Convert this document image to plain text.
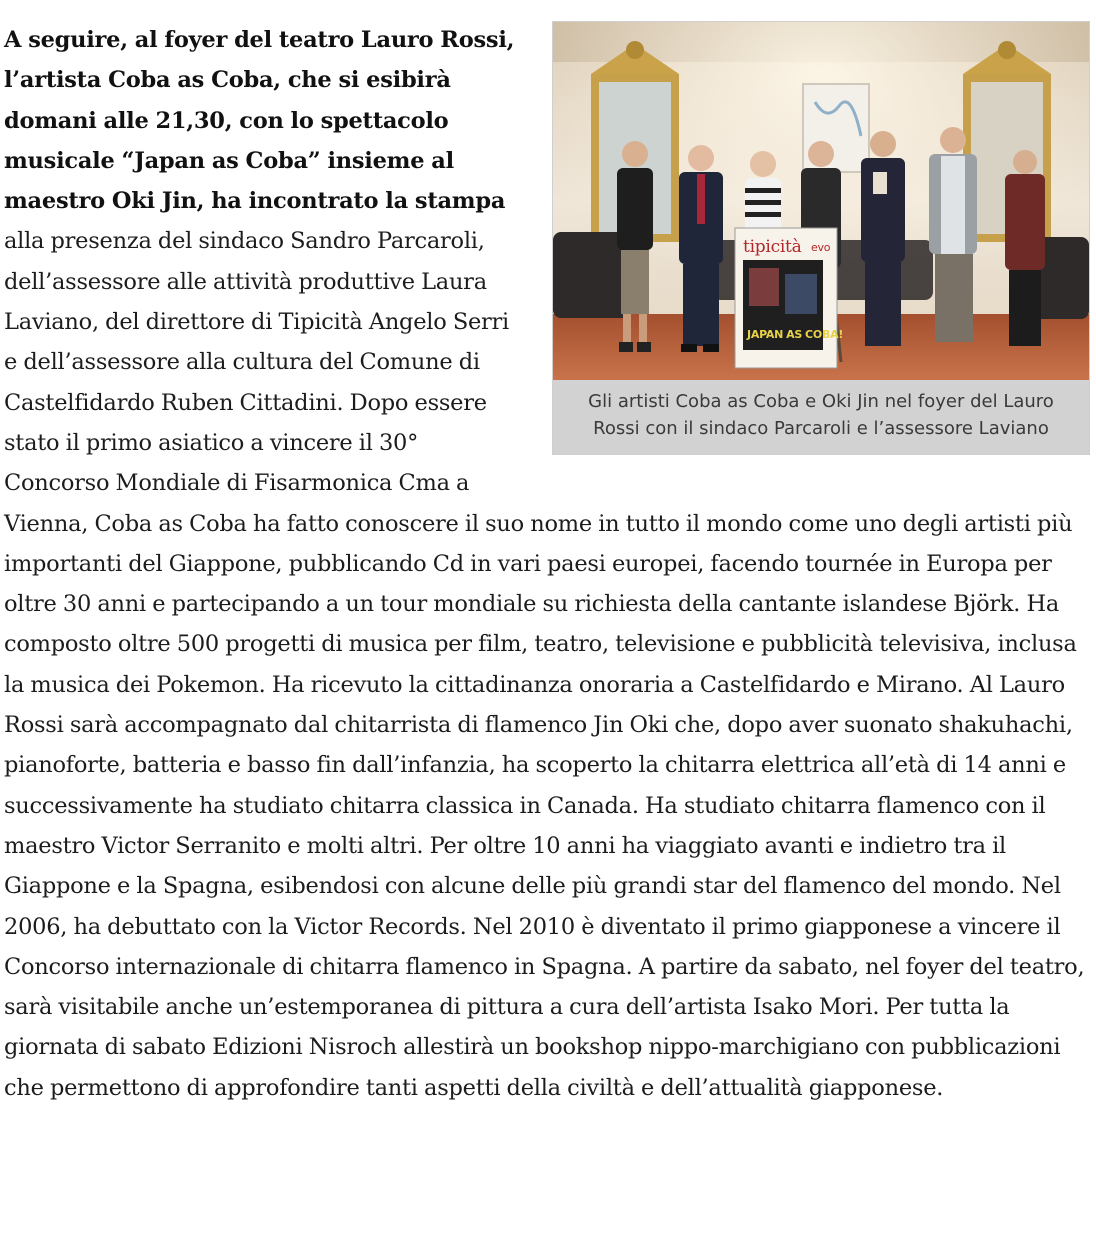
tipicità evo
JAPAN AS COBA!
Gli artisti Coba as Coba e Oki Jin nel foyer del Lauro Rossi con il sindaco Parcaroli e l’assessore Laviano

A seguire, al foyer del teatro Lauro Rossi, l’artista Coba as Coba, che si esibirà domani alle 21,30, con lo spettacolo musicale “Japan as Coba” insieme al maestro Oki Jin, ha incontrato la stampa alla presenza del sindaco Sandro Parcaroli, dell’assessore alle attività produttive Laura Laviano, del direttore di Tipicità Angelo Serri e dell’assessore alla cultura del Comune di Castelfidardo Ruben Cittadini. Dopo essere stato il primo asiatico a vincere il 30° Concorso Mondiale di Fisarmonica Cma a Vienna, Coba as Coba ha fatto conoscere il suo nome in tutto il mondo come uno degli artisti più importanti del Giappone, pubblicando Cd in vari paesi europei, facendo tournée in Europa per oltre 30 anni e partecipando a un tour mondiale su richiesta della cantante islandese Björk. Ha composto oltre 500 progetti di musica per film, teatro, televisione e pubblicità televisiva, inclusa la musica dei Pokemon. Ha ricevuto la cittadinanza onoraria a Castelfidardo e Mirano. Al Lauro Rossi sarà accompagnato dal chitarrista di flamenco Jin Oki che, dopo aver suonato shakuhachi, pianoforte, batteria e basso fin dall’infanzia, ha scoperto la chitarra elettrica all’età di 14 anni e successivamente ha studiato chitarra classica in Canada. Ha studiato chitarra flamenco con il maestro Victor Serranito e molti altri. Per oltre 10 anni ha viaggiato avanti e indietro tra il Giappone e la Spagna, esibendosi con alcune delle più grandi star del flamenco del mondo. Nel 2006, ha debuttato con la Victor Records. Nel 2010 è diventato il primo giapponese a vincere il Concorso internazionale di chitarra flamenco in Spagna. A partire da sabato, nel foyer del teatro, sarà visitabile anche un’estemporanea di pittura a cura dell’artista Isako Mori. Per tutta la giornata di sabato Edizioni Nisroch allestirà un bookshop nippo-marchigiano con pubblicazioni che permettono di approfondire tanti aspetti della civiltà e dell’attualità giapponese.
